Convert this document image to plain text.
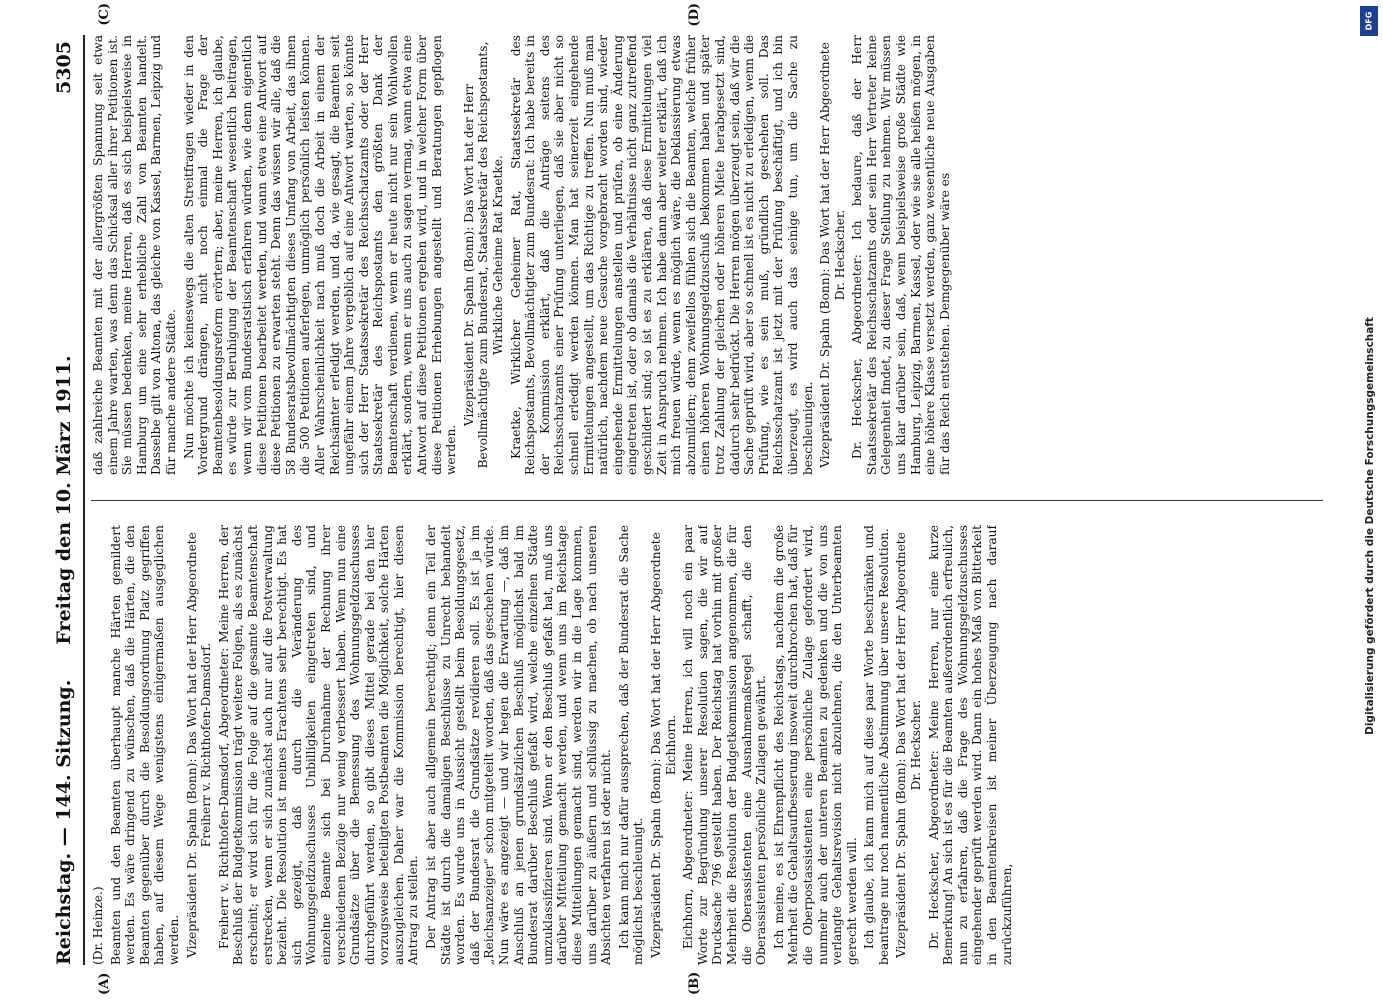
Reichstag. — 144. Sitzung.
Freitag den 10. März 1911.
5305

(Dr. Heinze.) Beamten und den Beamten überhaupt manche Härten gemildert werden. Es wäre dringend zu wünschen, daß die Härten, die den Beamten gegenüber durch die Besoldungsordnung Platz gegriffen haben, auf diesem Wege wenigstens einigermaßen ausgeglichen werden. Vizepräsident Dr. Spahn (Bonn): Das Wort hat der Herr Abgeordnete Freiherr v. Richthofen-Damsdorf. Freiherr v. Richthofen-Damsdorf, Abgeordneter: Meine Herren, der Beschluß der Budgetkommission trägt weitere Folgen, als es zunächst erscheint; er wird sich für die Folge auf die gesamte Beamtenschaft erstrecken, wenn er sich zunächst auch nur auf die Postverwaltung bezieht. Die Resolution ist meines Erachtens sehr berechtigt. Es hat sich gezeigt, daß durch die Veränderung des Wohnungsgeldzuschusses Unbilligkeiten eingetreten sind, und einzelne Beamte sich bei Durchnahme der Rechnung ihrer verschiedenen Bezüge nur wenig verbessert haben. Wenn nun eine Grundsätze über die Bemessung des Wohnungsgeldzuschusses durchgeführt werden, so gibt dieses Mittel gerade bei den hier vorzugsweise beteiligten Postbeamten die Möglichkeit, solche Härten auszugleichen. Daher war die Kommission berechtigt, hier diesen Antrag zu stellen. Der Antrag ist aber auch allgemein berechtigt; denn ein Teil der Städte ist durch die damaligen Beschlüsse zu Unrecht behandelt worden. Es wurde uns in Aussicht gestellt beim Besoldungsgesetz, daß der Bundesrat die Grundsätze revidieren soll. Es ist ja im „Reichsanzeiger" schon mitgeteilt worden, daß das geschehen würde. Nun wäre es angezeigt — und wir hegen die Erwartung —, daß im Anschluß an jenen grundsätzlichen Beschluß möglichst bald im Bundesrat darüber Beschluß gefaßt wird, welche einzelnen Städte umzuklassifizieren sind. Wenn er den Beschluß gefaßt hat, muß uns darüber Mitteilung gemacht werden, und wenn uns im Reichstage diese Mitteilungen gemacht sind, werden wir in die Lage kommen, uns darüber zu äußern und schlüssig zu machen, ob nach unseren Absichten verfahren ist oder nicht. Ich kann mich nur dafür aussprechen, daß der Bundesrat die Sache möglichst beschleunigt. Vizepräsident Dr. Spahn (Bonn): Das Wort hat der Herr Abgeordnete Eichhorn. Eichhorn, Abgeordneter: Meine Herren, ich will noch ein paar Worte zur Begründung unserer Resolution sagen, die wir auf Drucksache 796 gestellt haben. Der Reichstag hat vorhin mit großer Mehrheit die Resolution der Budgetkommission angenommen, die für die Oberassistenten eine Ausnahmemaßregel schafft, die den Oberassistenten persönliche Zulagen gewährt. Ich meine, es ist Ehrenpflicht des Reichstags, nachdem die große Mehrheit die Gehaltsaufbesserung insoweit durchbrochen hat, daß für die Oberpostassistenten eine persönliche Zulage gefordert wird, nunmehr auch der unteren Beamten zu gedenken und die von uns verlangte Gehaltsrevision nicht abzulehnen, die den Unterbeamten gerecht werden will. Ich glaube, ich kann mich auf diese paar Worte beschränken und beantrage nur noch namentliche Abstimmung über unsere Resolution. Vizepräsident Dr. Spahn (Bonn): Das Wort hat der Herr Abgeordnete Dr. Heckscher. Dr. Heckscher, Abgeordneter: Meine Herren, nur eine kurze Bemerkung! An sich ist es für die Beamten außerordentlich erfreulich, nun zu erfahren, daß die Frage des Wohnungsgeldzuschusses eingehender geprüft werden wird. Dann ein hohes Maß von Bitterkeit in den Beamtenkreisen ist meiner Überzeugung nach darauf zurückzuführen,

daß zahlreiche Beamten mit der allergrößten Spannung seit etwa einem Jahre warten, was denn das Schicksal aller ihrer Petitionen ist. Sie müssen bedenken, meine Herren, daß es sich beispielsweise in Hamburg um eine sehr erhebliche Zahl von Beamten handelt. Dasselbe gilt von Altona, das gleiche von Kassel, Barmen, Leipzig und für manche andere Städte. Nun möchte ich keineswegs die alten Streitfragen wieder in den Vordergrund drängen, nicht noch einmal die Frage der Beamtenbesoldungsreform erörtern; aber, meine Herren, ich glaube, es würde zur Beruhigung der Beamtenschaft wesentlich beitragen, wenn wir vom Bundesratstisch erfahren würden, wie denn eigentlich diese Petitionen bearbeitet werden, und wann etwa eine Antwort auf diese Petitionen zu erwarten steht. Denn das wissen wir alle, daß die 58 Bundesratsbevollmächtigten dieses Umfang von Arbeit, das ihnen die 500 Petitionen auferlegen, unmöglich persönlich leisten können. Aller Wahrscheinlichkeit nach muß doch die Arbeit in einem der Reichsämter erledigt werden, und da, wie gesagt, die Beamten seit ungefähr einem Jahre vergeblich auf eine Antwort warten, so könnte sich der Herr Staatssekretär des Reichsschatzamts oder der Herr Staatssekretär des Reichspostamts den größten Dank der Beamtenschaft verdienen, wenn er heute nicht nur sein Wohlwollen erklärt, sondern, wenn er uns auch zu sagen vermag, wann etwa eine Antwort auf diese Petitionen ergehen wird, und in welcher Form über diese Petitionen Erhebungen angestellt und Beratungen gepflogen werden.

Vizepräsident Dr. Spahn (Bonn): Das Wort hat der Herr Bevollmächtigte zum Bundesrat, Staatssekretär des Reichspostamts, Wirkliche Geheime Rat Kraetke. Kraetke, Wirklicher Geheimer Rat, Staatssekretär des Reichspostamts, Bevollmächtigter zum Bundesrat: Ich habe bereits in der Kommission erklärt, daß die Anträge seitens des Reichsschatzamts einer Prüfung unterliegen, daß sie aber nicht so schnell erledigt werden können. Man hat seinerzeit eingehende Ermittelungen angestellt, um das Richtige zu treffen. Nun muß man natürlich, nachdem neue Gesuche vorgebracht worden sind, wieder eingehende Ermittelungen anstellen und prüfen, ob eine Änderung eingetreten ist, oder ob damals die Verhältnisse nicht ganz zutreffend geschildert sind; so ist es zu erklären, daß diese Ermittelungen viel Zeit in Anspruch nehmen. Ich habe dann aber weiter erklärt, daß ich mich freuen würde, wenn es möglich wäre, die Deklassierung etwas abzumildern; denn zweifellos fühlen sich die Beamten, welche früher einen höheren Wohnungsgeldzuschuß bekommen haben und später trotz Zahlung der gleichen oder höheren Miete herabgesetzt sind, dadurch sehr bedrückt. Die Herren mögen überzeugt sein, daß wir die Sache geprüft wird, aber so schnell ist es nicht zu erledigen, wenn die Prüfung, wie es sein muß, gründlich geschehen soll. Das Reichsschatzamt ist jetzt mit der Prüfung beschäftigt, und ich bin überzeugt, es wird auch das seinige tun, um die Sache zu beschleunigen. Vizepräsident Dr. Spahn (Bonn): Das Wort hat der Herr Abgeordnete Dr. Heckscher. Dr. Heckscher, Abgeordneter: Ich bedaure, daß der Herr Staatssekretär des Reichsschatzamts oder sein Herr Vertreter keine Gelegenheit findet, zu dieser Frage Stellung zu nehmen. Wir müssen uns klar darüber sein, daß, wenn beispielsweise große Städte wie Hamburg, Leipzig, Barmen, Kassel, oder wie sie alle heißen mögen, in eine höhere Klasse versetzt werden, ganz wesentliche neue Ausgaben für das Reich entstehen. Demgegenüber wäre es

(A)	(B)
(C)	(D)	DFG
Digitalisierung gefördert durch die Deutsche Forschungsgemeinschaft
